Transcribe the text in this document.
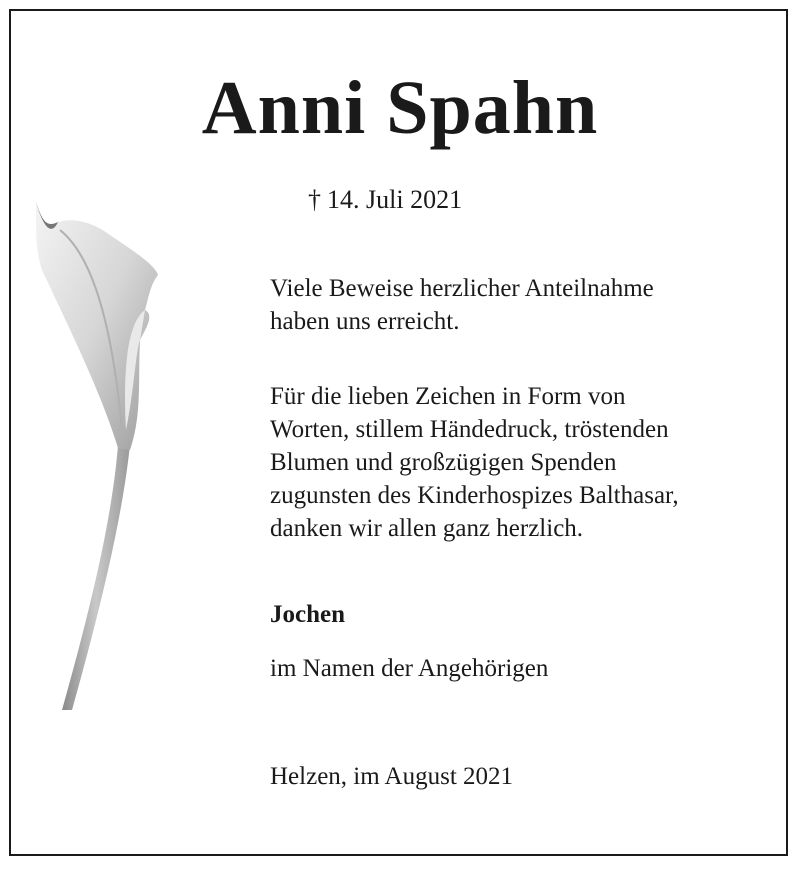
Anni Spahn
† 14. Juli 2021
Viele Beweise herzlicher Anteilnahme
haben uns erreicht.
Für die lieben Zeichen in Form von
Worten, stillem Händedruck, tröstenden
Blumen und großzügigen Spenden
zugunsten des Kinderhospizes Balthasar,
danken wir allen ganz herzlich.
Jochen
im Namen der Angehörigen
Helzen, im August 2021
